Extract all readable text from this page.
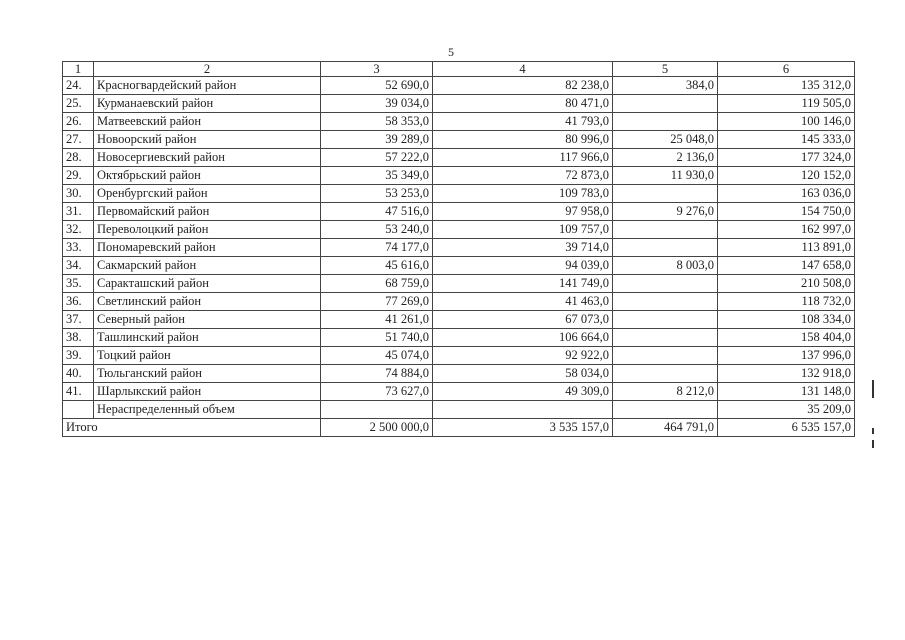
5
1	2	3	4	5	6
24.	Красногвардейский район	52 690,0	82 238,0	384,0	135 312,0
25.	Курманаевский район	39 034,0	80 471,0		119 505,0
26.	Матвеевский район	58 353,0	41 793,0		100 146,0
27.	Новоорский район	39 289,0	80 996,0	25 048,0	145 333,0
28.	Новосергиевский район	57 222,0	117 966,0	2 136,0	177 324,0
29.	Октябрьский район	35 349,0	72 873,0	11 930,0	120 152,0
30.	Оренбургский район	53 253,0	109 783,0		163 036,0
31.	Первомайский район	47 516,0	97 958,0	9 276,0	154 750,0
32.	Переволоцкий район	53 240,0	109 757,0		162 997,0
33.	Пономаревский район	74 177,0	39 714,0		113 891,0
34.	Сакмарский район	45 616,0	94 039,0	8 003,0	147 658,0
35.	Саракташский район	68 759,0	141 749,0		210 508,0
36.	Светлинский район	77 269,0	41 463,0		118 732,0
37.	Северный район	41 261,0	67 073,0		108 334,0
38.	Ташлинский район	51 740,0	106 664,0		158 404,0
39.	Тоцкий район	45 074,0	92 922,0		137 996,0
40.	Тюльганский район	74 884,0	58 034,0		132 918,0
41.	Шарлыкский район	73 627,0	49 309,0	8 212,0	131 148,0
	Нераспределенный объем				35 209,0
Итого		2 500 000,0	3 535 157,0	464 791,0	6 535 157,0
